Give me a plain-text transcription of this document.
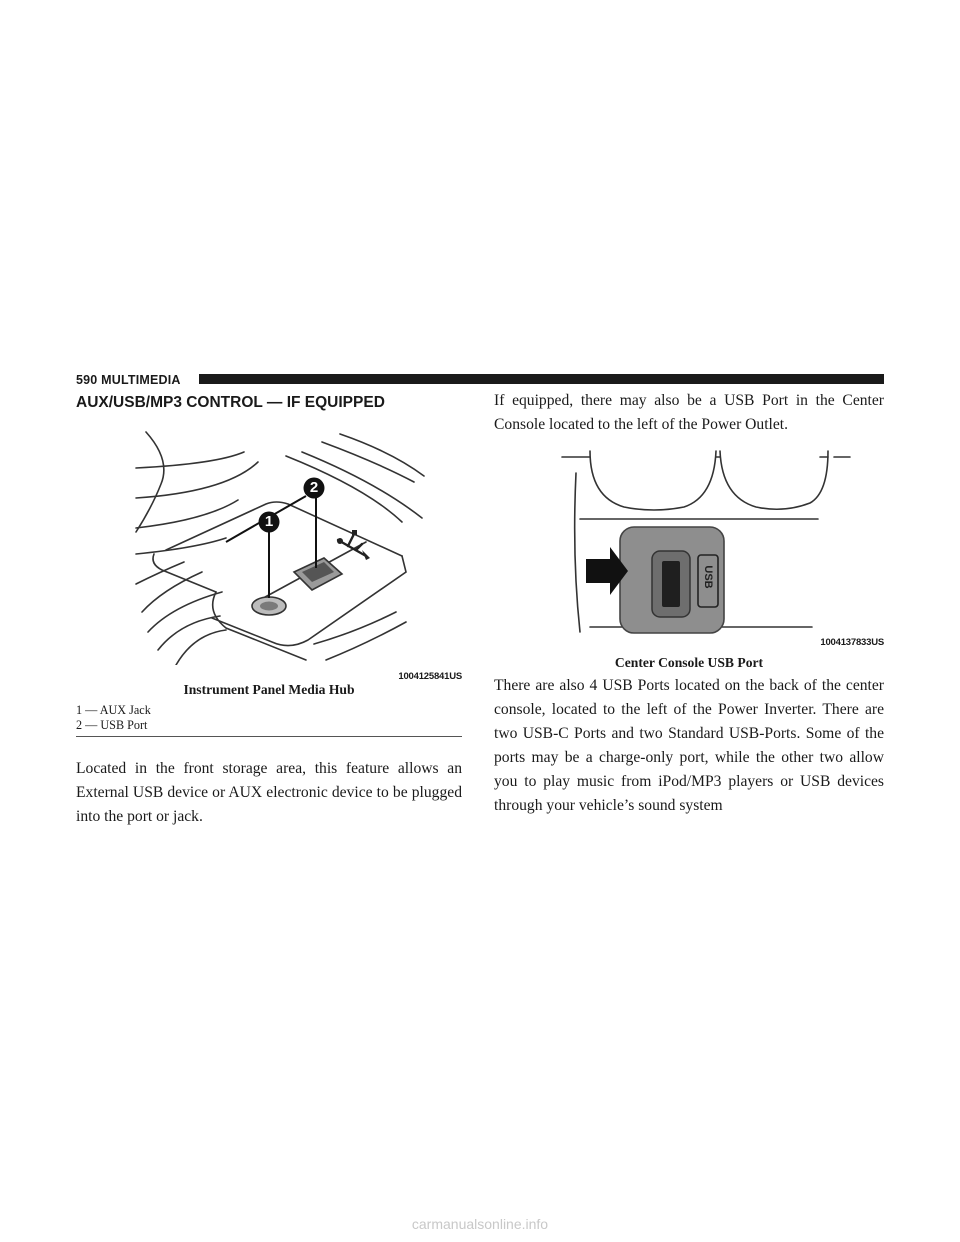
590 MULTIMEDIA
AUX/USB/MP3 CONTROL — IF EQUIPPED
1
2
1004125841US

Instrument Panel Media Hub

1 — AUX Jack
2 — USB Port

Located in the front storage area, this feature allows an External USB device or AUX electronic device to be plugged into the port or jack.

If equipped, there may also be a USB Port in the Center Console located to the left of the Power Outlet.

USB
1004137833US

Center Console USB Port

There are also 4 USB Ports located on the back of the center console, located to the left of the Power Inverter. There are two USB-C Ports and two Standard USB-Ports. Some of the ports may be a charge-only port, while the other two allow you to play music from iPod/MP3 players or USB devices through your vehicle’s sound system

carmanualsonline.info
